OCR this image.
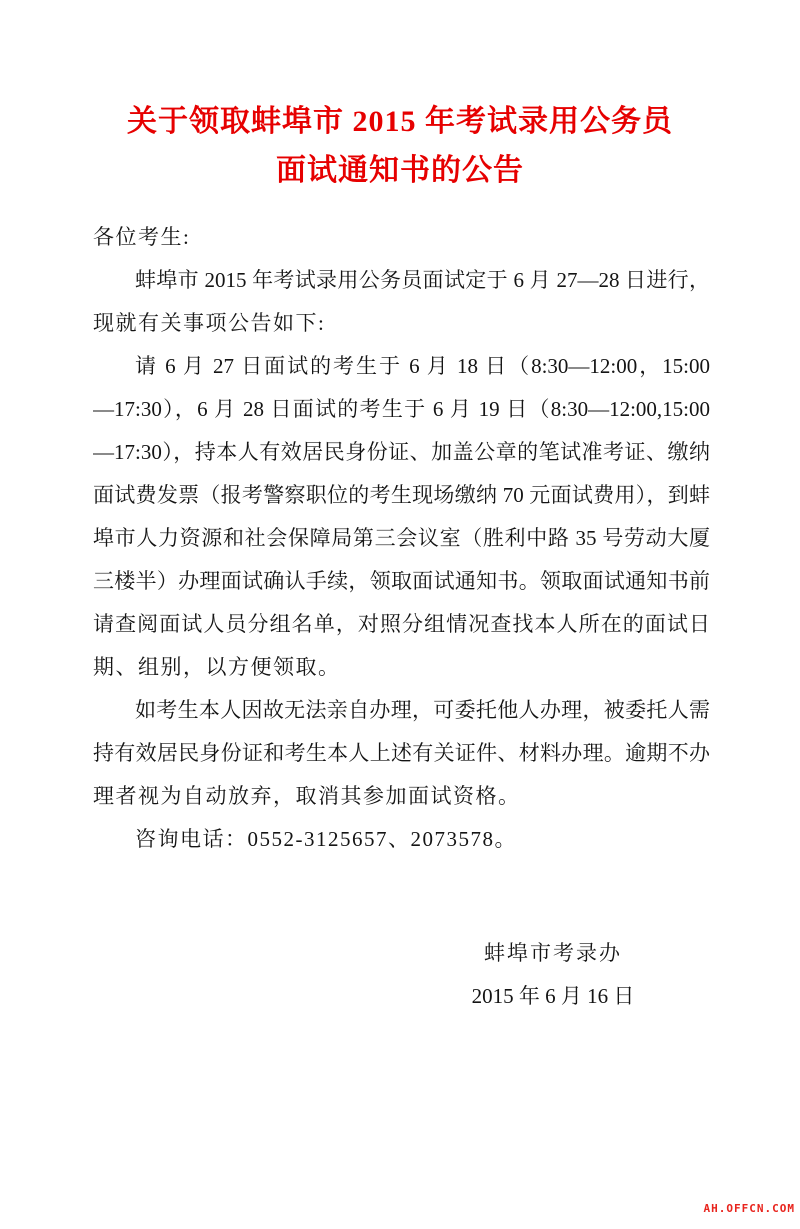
关于领取蚌埠市 2015 年考试录用公务员
面试通知书的公告
各位考生:
蚌埠市 2015 年考试录用公务员面试定于 6 月 27—28 日进行，
现就有关事项公告如下:
请 6 月 27 日面试的考生于 6 月 18 日（8:30—12:00，15:00
—17:30），6 月 28 日面试的考生于 6 月 19 日（8:30—12:00,15:00
—17:30），持本人有效居民身份证、加盖公章的笔试准考证、缴纳
面试费发票（报考警察职位的考生现场缴纳 70 元面试费用），到蚌
埠市人力资源和社会保障局第三会议室（胜利中路 35 号劳动大厦
三楼半）办理面试确认手续，领取面试通知书。领取面试通知书前
请查阅面试人员分组名单，对照分组情况查找本人所在的面试日
期、组别，以方便领取。
如考生本人因故无法亲自办理，可委托他人办理，被委托人需
持有效居民身份证和考生本人上述有关证件、材料办理。逾期不办
理者视为自动放弃，取消其参加面试资格。
咨询电话：0552-3125657、2073578。
蚌埠市考录办
2015 年 6 月 16 日
AH.OFFCN.COM
